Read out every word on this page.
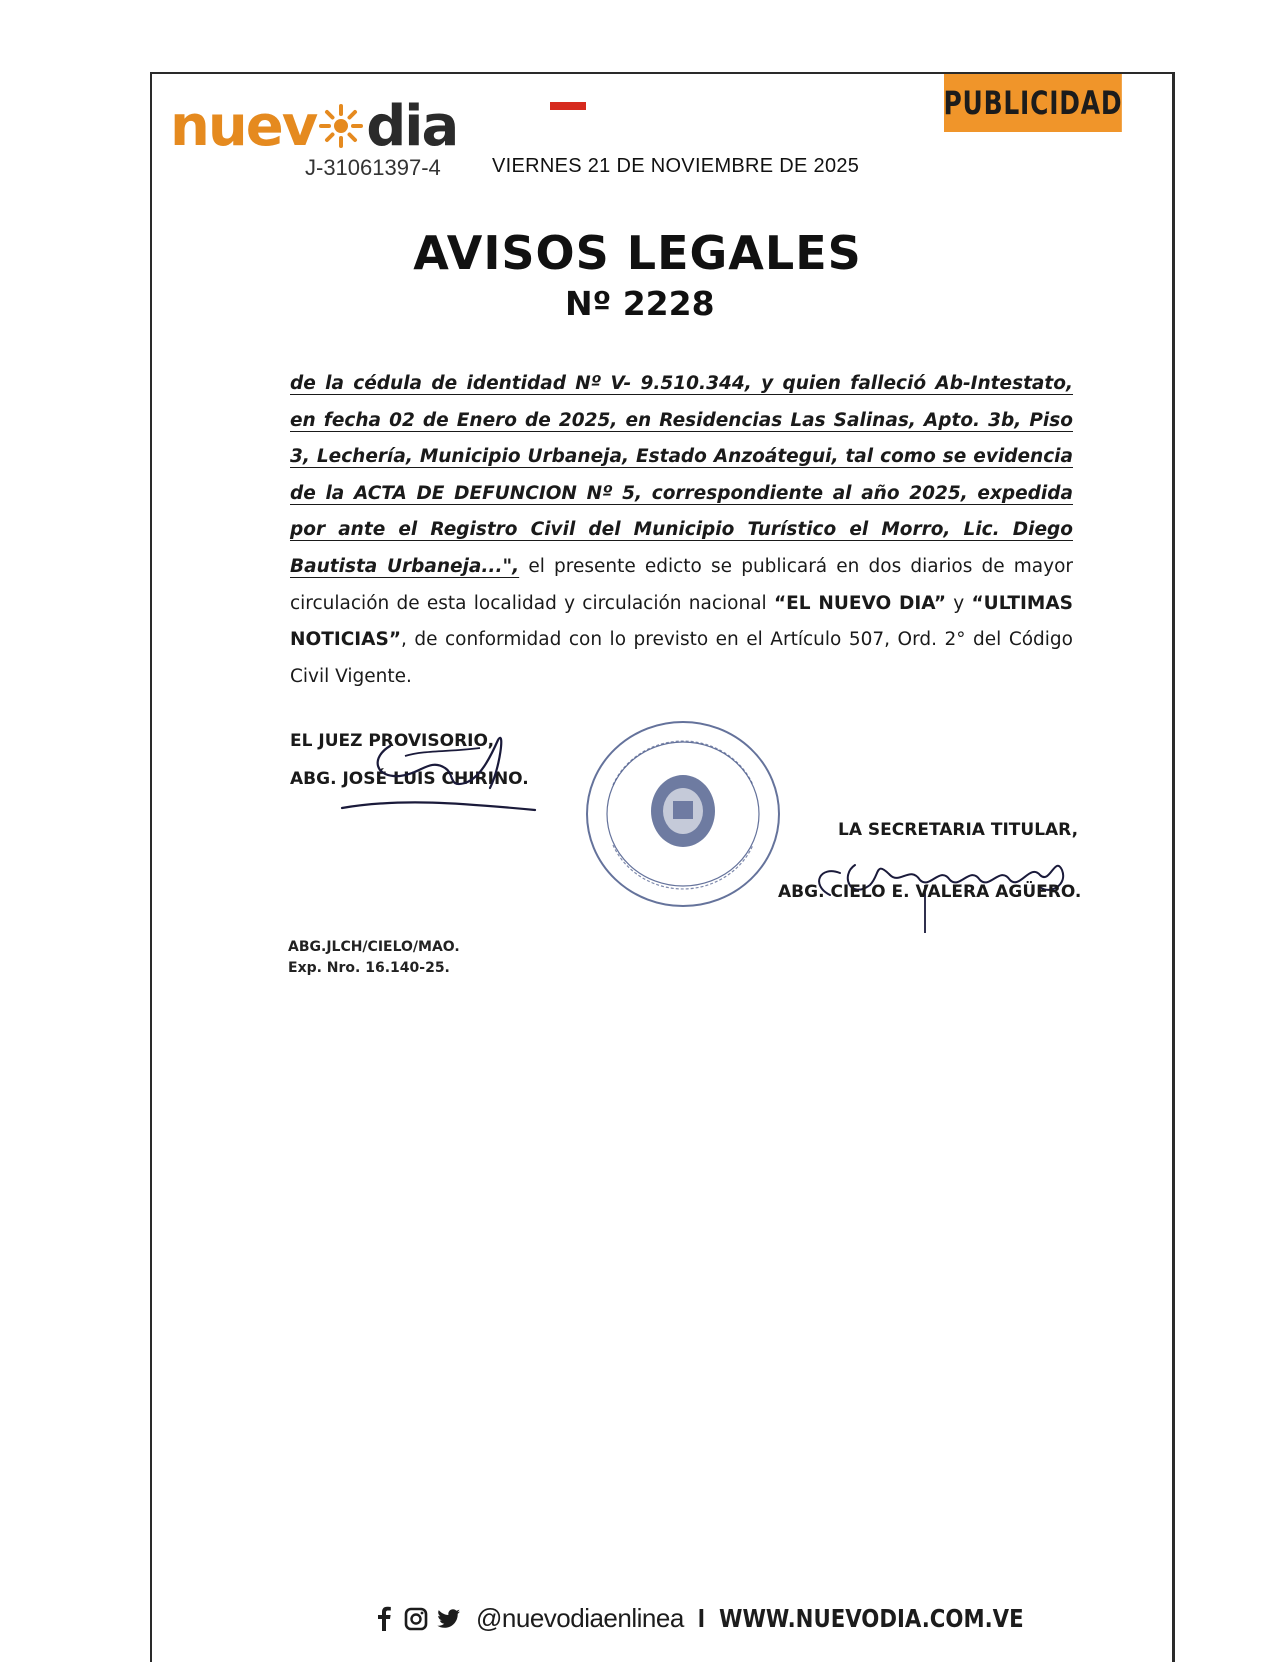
nuev dia
J-31061397-4	VIERNES 21 DE NOVIEMBRE DE 2025
PUBLICIDAD
AVISOS LEGALES
Nº 2228
de la cédula de identidad Nº V- 9.510.344, y quien falleció Ab-Intestato, en fecha 02 de Enero de 2025, en Residencias Las Salinas, Apto. 3b, Piso 3, Lechería, Municipio Urbaneja, Estado Anzoátegui, tal como se evidencia de la ACTA DE DEFUNCION Nº 5, correspondiente al año 2025, expedida por ante el Registro Civil del Municipio Turístico el Morro, Lic. Diego Bautista Urbaneja...", el presente edicto se publicará en dos diarios de mayor circulación de esta localidad y circulación nacional “EL NUEVO DIA” y “ULTIMAS NOTICIAS”, de conformidad con lo previsto en el Artículo 507, Ord. 2° del Código Civil Vigente.
EL JUEZ PROVISORIO,
ABG. JOSÉ LUÍS CHIRINO.
LA SECRETARIA TITULAR,
ABG. CIELO E. VALERA AGÜERO.
ABG.JLCH/CIELO/MAO.
Exp. Nro. 16.140-25.
@nuevodiaenlinea I WWW.NUEVODIA.COM.VE
